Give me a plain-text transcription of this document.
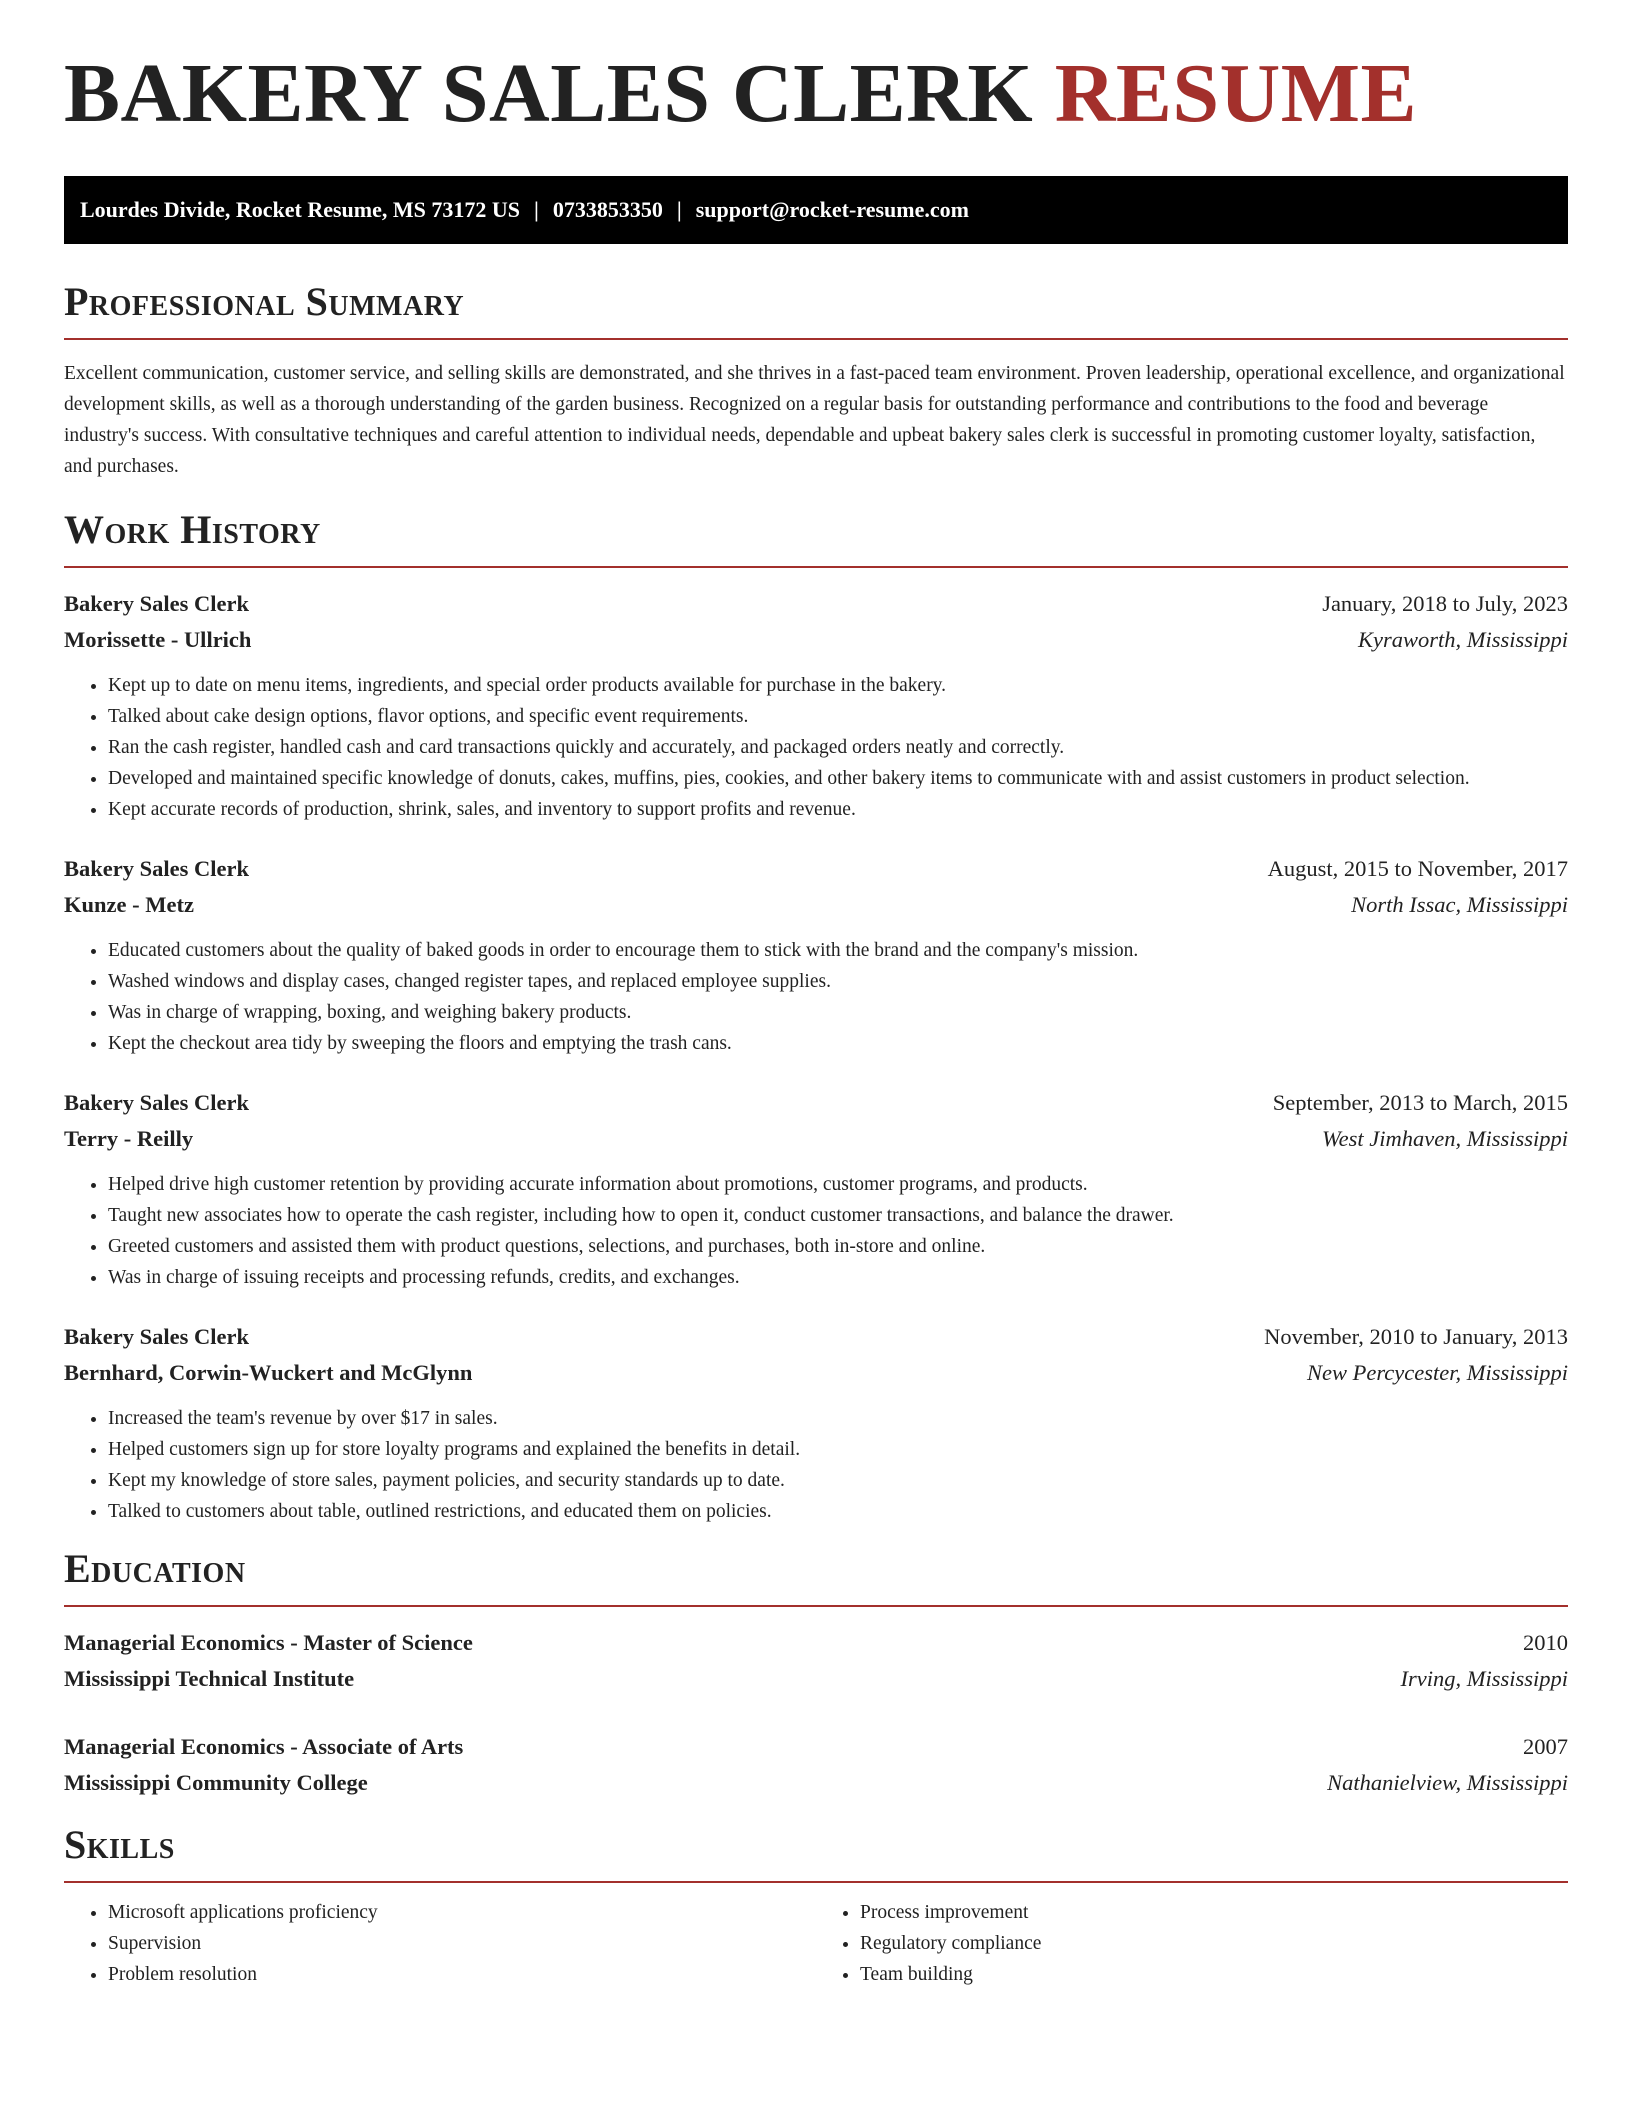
BAKERY SALES CLERK RESUME
Lourdes Divide, Rocket Resume, MS 73172 US | 0733853350 | support@rocket-resume.com
Professional Summary

Excellent communication, customer service, and selling skills are demonstrated, and she thrives in a fast-paced team environment. Proven leadership, operational excellence, and organizational development skills, as well as a thorough understanding of the garden business. Recognized on a regular basis for outstanding performance and contributions to the food and beverage industry's success. With consultative techniques and careful attention to individual needs, dependable and upbeat bakery sales clerk is successful in promoting customer loyalty, satisfaction, and purchases.

Work History
Bakery Sales Clerk	January, 2018 to July, 2023
Morissette - Ullrich	Kyraworth, Mississippi
• Kept up to date on menu items, ingredients, and special order products available for purchase in the bakery.
• Talked about cake design options, flavor options, and specific event requirements.
• Ran the cash register, handled cash and card transactions quickly and accurately, and packaged orders neatly and correctly.
• Developed and maintained specific knowledge of donuts, cakes, muffins, pies, cookies, and other bakery items to communicate with and assist customers in product selection.
• Kept accurate records of production, shrink, sales, and inventory to support profits and revenue.
Bakery Sales Clerk	August, 2015 to November, 2017
Kunze - Metz	North Issac, Mississippi
• Educated customers about the quality of baked goods in order to encourage them to stick with the brand and the company's mission.
• Washed windows and display cases, changed register tapes, and replaced employee supplies.
• Was in charge of wrapping, boxing, and weighing bakery products.
• Kept the checkout area tidy by sweeping the floors and emptying the trash cans.
Bakery Sales Clerk	September, 2013 to March, 2015
Terry - Reilly	West Jimhaven, Mississippi
• Helped drive high customer retention by providing accurate information about promotions, customer programs, and products.
• Taught new associates how to operate the cash register, including how to open it, conduct customer transactions, and balance the drawer.
• Greeted customers and assisted them with product questions, selections, and purchases, both in-store and online.
• Was in charge of issuing receipts and processing refunds, credits, and exchanges.
Bakery Sales Clerk	November, 2010 to January, 2013
Bernhard, Corwin-Wuckert and McGlynn	New Percycester, Mississippi
• Increased the team's revenue by over $17 in sales.
• Helped customers sign up for store loyalty programs and explained the benefits in detail.
• Kept my knowledge of store sales, payment policies, and security standards up to date.
• Talked to customers about table, outlined restrictions, and educated them on policies.
Education
Managerial Economics - Master of Science	2010
Mississippi Technical Institute	Irving, Mississippi
Managerial Economics - Associate of Arts	2007
Mississippi Community College	Nathanielview, Mississippi
Skills
• Microsoft applications proficiency
• Supervision
• Problem resolution
• Process improvement
• Regulatory compliance
• Team building
